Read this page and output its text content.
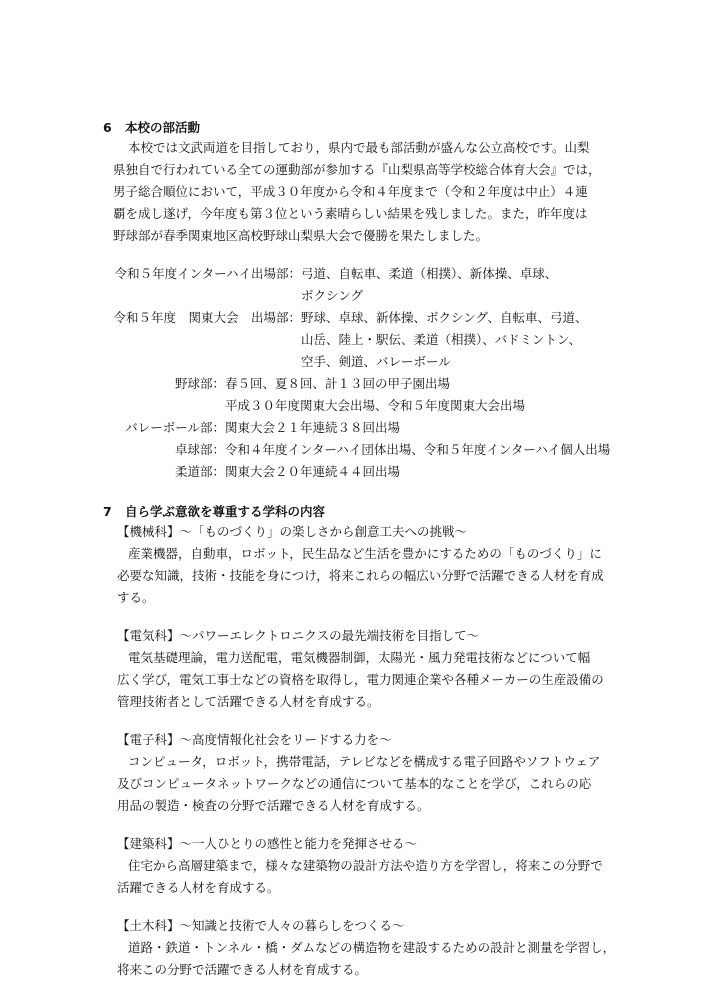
6 本校の部活動
本校では文武両道を目指しており，県内で最も部活動が盛んな公立高校です。山梨
県独自で行われている全ての運動部が参加する『山梨県高等学校総合体育大会』では，
男子総合順位において，平成３０年度から令和４年度まで（令和２年度は中止）４連
覇を成し遂げ，今年度も第３位という素晴らしい結果を残しました。また，昨年度は
野球部が春季関東地区高校野球山梨県大会で優勝を果たしました。
令和５年度インターハイ出場部：弓道、自転車、柔道（相撲）、新体操、卓球、
ボクシング
令和５年度　関東大会　出場部：野球、卓球、新体操、ボクシング、自転車、弓道、
山岳、陸上・駅伝、柔道（相撲）、バドミントン、
空手、剣道、バレーボール
野球部：春５回、夏８回、計１３回の甲子園出場
平成３０年度関東大会出場、令和５年度関東大会出場
バレーボール部：関東大会２１年連続３８回出場
卓球部：令和４年度インターハイ団体出場、令和５年度インターハイ個人出場
柔道部：関東大会２０年連続４４回出場
7 自ら学ぶ意欲を尊重する学科の内容
【機械科】～「ものづくり」の楽しさから創意工夫への挑戦～
産業機器，自動車，ロボット，民生品など生活を豊かにするための「ものづくり」に
必要な知識，技術・技能を身につけ，将来これらの幅広い分野で活躍できる人材を育成
する。
【電気科】～パワーエレクトロニクスの最先端技術を目指して～
電気基礎理論，電力送配電，電気機器制御，太陽光・風力発電技術などについて幅
広く学び，電気工事士などの資格を取得し，電力関連企業や各種メーカーの生産設備の
管理技術者として活躍できる人材を育成する。
【電子科】～高度情報化社会をリードする力を～
コンピュータ，ロボット，携帯電話，テレビなどを構成する電子回路やソフトウェア
及びコンピュータネットワークなどの通信について基本的なことを学び，これらの応
用品の製造・検査の分野で活躍できる人材を育成する。
【建築科】～一人ひとりの感性と能力を発揮させる～
住宅から高層建築まで，様々な建築物の設計方法や造り方を学習し，将来この分野で
活躍できる人材を育成する。
【土木科】～知識と技術で人々の暮らしをつくる～
道路・鉄道・トンネル・橋・ダムなどの構造物を建設するための設計と測量を学習し，
将来この分野で活躍できる人材を育成する。
